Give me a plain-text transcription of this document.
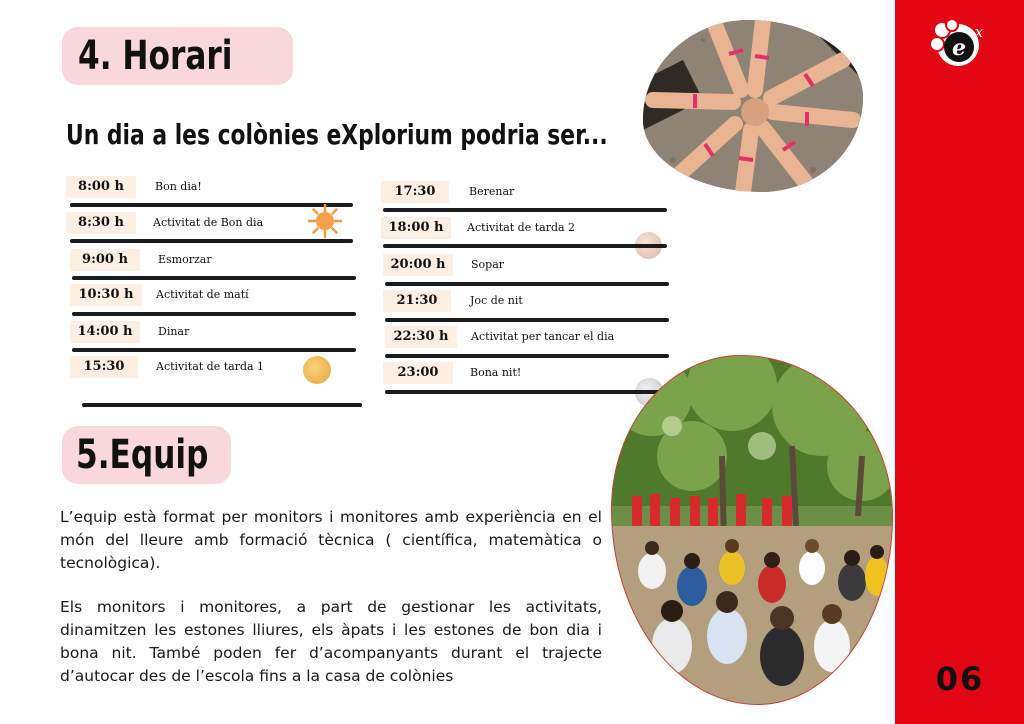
e
x
06
4. Horari
Un dia a les colònies eXplorium podria ser...
8:00 h	Bon dia!
8:30 h	Activitat de Bon dia
9:00 h	Esmorzar
10:30 h	Activitat de matí
14:00 h	Dinar
15:30	Activitat de tarda 1
17:30	Berenar
18:00 h	Activitat de tarda 2
20:00 h	Sopar
21:30	Joc de nit
22:30 h	Activitat per tancar el dia
23:00	Bona nit!
5.Equip
L’equip està format per monitors i monitores amb experiència en el món del lleure amb formació tècnica ( científica, matemàtica o tecnològica).
Els monitors i monitores, a part de gestionar les activitats, dinamitzen les estones lliures, els àpats i les estones de bon dia i bona nit. També poden fer d’acompanyants durant el trajecte d’autocar des de l’escola fins a la casa de colònies
